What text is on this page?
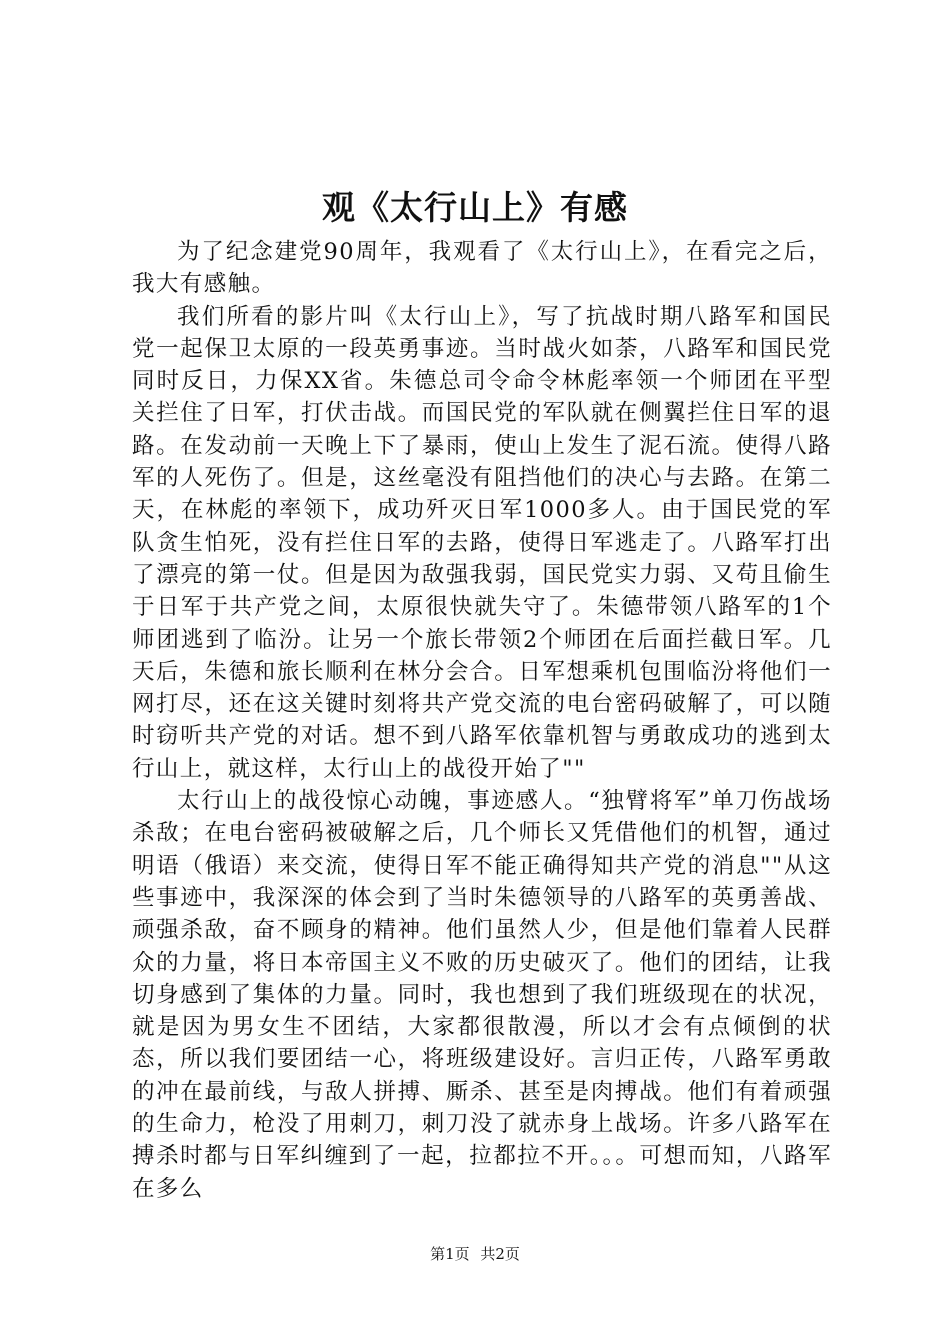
观《太行山上》有感

为了纪念建党90周年，我观看了《太行山上》，在看完之后，我大有感触。

我们所看的影片叫《太行山上》，写了抗战时期八路军和国民党一起保卫太原的一段英勇事迹。当时战火如荼，八路军和国民党同时反日，力保XX省。朱德总司令命令林彪率领一个师团在平型关拦住了日军，打伏击战。而国民党的军队就在侧翼拦住日军的退路。在发动前一天晚上下了暴雨，使山上发生了泥石流。使得八路军的人死伤了。但是，这丝毫没有阻挡他们的决心与去路。在第二天，在林彪的率领下，成功歼灭日军1000多人。由于国民党的军队贪生怕死，没有拦住日军的去路，使得日军逃走了。八路军打出了漂亮的第一仗。但是因为敌强我弱，国民党实力弱、又苟且偷生于日军于共产党之间，太原很快就失守了。朱德带领八路军的1个师团逃到了临汾。让另一个旅长带领2个师团在后面拦截日军。几天后，朱德和旅长顺利在林分会合。日军想乘机包围临汾将他们一网打尽，还在这关键时刻将共产党交流的电台密码破解了，可以随时窃听共产党的对话。想不到八路军依靠机智与勇敢成功的逃到太行山上，就这样，太行山上的战役开始了""

太行山上的战役惊心动魄，事迹感人。“独臂将军”单刀伤战场杀敌；在电台密码被破解之后，几个师长又凭借他们的机智，通过明语（俄语）来交流，使得日军不能正确得知共产党的消息""从这些事迹中，我深深的体会到了当时朱德领导的八路军的英勇善战、顽强杀敌，奋不顾身的精神。他们虽然人少，但是他们靠着人民群众的力量，将日本帝国主义不败的历史破灭了。他们的团结，让我切身感到了集体的力量。同时，我也想到了我们班级现在的状况，就是因为男女生不团结，大家都很散漫，所以才会有点倾倒的状态，所以我们要团结一心，将班级建设好。言归正传，八路军勇敢的冲在最前线，与敌人拼搏、厮杀、甚至是肉搏战。他们有着顽强的生命力，枪没了用刺刀，刺刀没了就赤身上战场。许多八路军在搏杀时都与日军纠缠到了一起，拉都拉不开。。。可想而知，八路军在多么

第1页 共2页
